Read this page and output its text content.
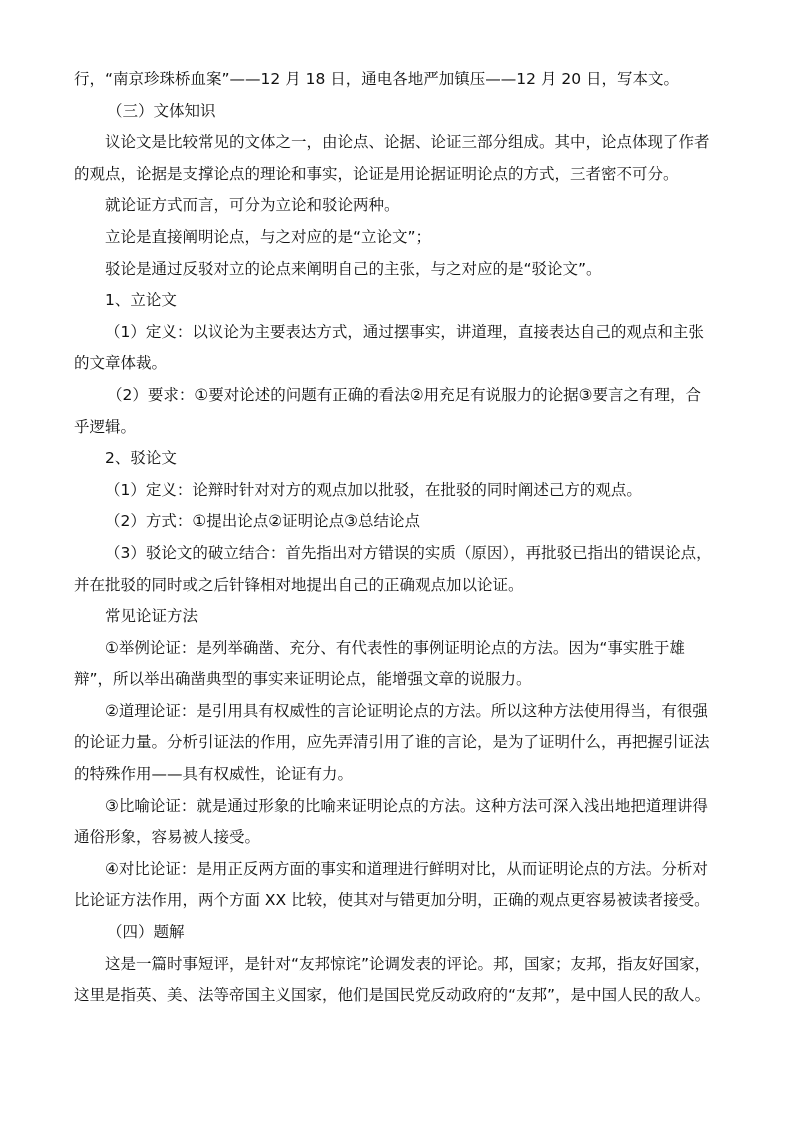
行，“南京珍珠桥血案”——12 月 18 日，通电各地严加镇压——12 月 20 日，写本文。
（三）文体知识
议论文是比较常见的文体之一，由论点、论据、论证三部分组成。其中，论点体现了作者
的观点，论据是支撑论点的理论和事实，论证是用论据证明论点的方式，三者密不可分。
就论证方式而言，可分为立论和驳论两种。
立论是直接阐明论点，与之对应的是“立论文”；
驳论是通过反驳对立的论点来阐明自己的主张，与之对应的是“驳论文”。
1、立论文
（1）定义：以议论为主要表达方式，通过摆事实，讲道理，直接表达自己的观点和主张
的文章体裁。
（2）要求：①要对论述的问题有正确的看法②用充足有说服力的论据③要言之有理，合
乎逻辑。
2、驳论文
（1）定义：论辩时针对对方的观点加以批驳，在批驳的同时阐述己方的观点。
（2）方式：①提出论点②证明论点③总结论点
（3）驳论文的破立结合：首先指出对方错误的实质（原因），再批驳已指出的错误论点，
并在批驳的同时或之后针锋相对地提出自己的正确观点加以论证。
常见论证方法
①举例论证：是列举确凿、充分、有代表性的事例证明论点的方法。因为“事实胜于雄
辩”，所以举出确凿典型的事实来证明论点，能增强文章的说服力。
②道理论证：是引用具有权威性的言论证明论点的方法。所以这种方法使用得当，有很强
的论证力量。分析引证法的作用，应先弄清引用了谁的言论，是为了证明什么，再把握引证法
的特殊作用——具有权威性，论证有力。
③比喻论证：就是通过形象的比喻来证明论点的方法。这种方法可深入浅出地把道理讲得
通俗形象，容易被人接受。
④对比论证：是用正反两方面的事实和道理进行鲜明对比，从而证明论点的方法。分析对
比论证方法作用，两个方面 XX 比较，使其对与错更加分明，正确的观点更容易被读者接受。
（四）题解
这是一篇时事短评，是针对“友邦惊诧”论调发表的评论。邦，国家；友邦，指友好国家，
这里是指英、美、法等帝国主义国家，他们是国民党反动政府的“友邦”，是中国人民的敌人。
